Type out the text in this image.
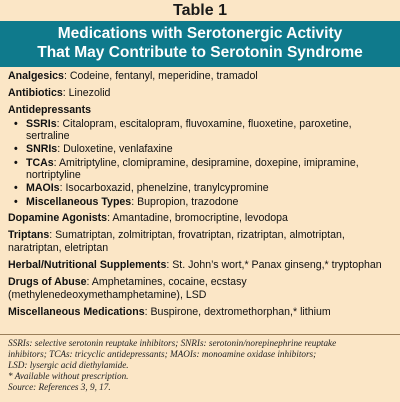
Table 1
Medications with Serotonergic Activity
That May Contribute to Serotonin Syndrome

Analgesics: Codeine, fentanyl, meperidine, tramadol

Antibiotics: Linezolid

Antidepressants

• SSRIs: Citalopram, escitalopram, fluvoxamine, fluoxetine, paroxetine, sertraline
• SNRIs: Duloxetine, venlafaxine
• TCAs: Amitriptyline, clomipramine, desipramine, doxepine, imipramine, nortriptyline
• MAOIs: Isocarboxazid, phenelzine, tranylcypromine
• Miscellaneous Types: Bupropion, trazodone

Dopamine Agonists: Amantadine, bromocriptine, levodopa

Triptans: Sumatriptan, zolmitriptan, frovatriptan, rizatriptan, almotriptan, naratriptan, eletriptan

Herbal/Nutritional Supplements: St. John’s wort,* Panax ginseng,* tryptophan

Drugs of Abuse: Amphetamines, cocaine, ecstasy (methylenedeoxymethamphetamine), LSD

Miscellaneous Medications: Buspirone, dextromethorphan,* lithium

SSRIs: selective serotonin reuptake inhibitors; SNRIs: serotonin/norepinephrine reuptake
inhibitors; TCAs: tricyclic antidepressants; MAOIs: monoamine oxidase inhibitors;
LSD: lysergic acid diethylamide.
* Available without prescription.
Source: References 3, 9, 17.
